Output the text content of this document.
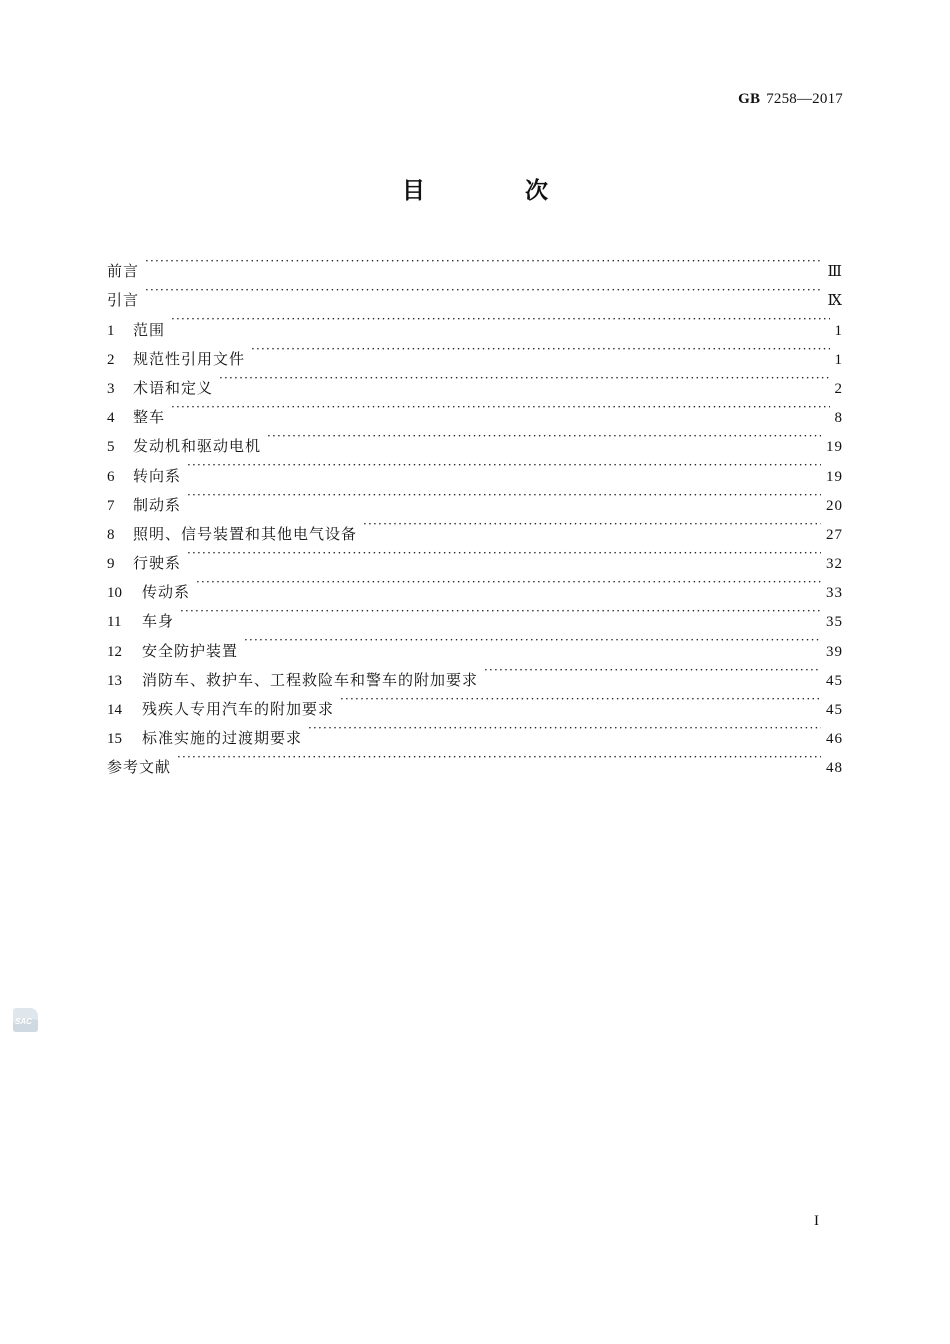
GB 7258—2017
目 次
前言 ·····	Ⅲ
引言 ·····	Ⅸ
1	范围 ·····	1
2	规范性引用文件 ·····	1
3	术语和定义 ·····	2
4	整车 ·····	8
5	发动机和驱动电机 ·····	19
6	转向系 ·····	19
7	制动系 ·····	20
8	照明、信号装置和其他电气设备 ·····	27
9	行驶系 ·····	32
10	传动系 ·····	33
11	车身 ·····	35
12	安全防护装置 ·····	39
13	消防车、救护车、工程救险车和警车的附加要求 ·····	45
14	残疾人专用汽车的附加要求 ·····	45
15	标准实施的过渡期要求 ·····	46
参考文献 ·····	48
SAC
I
